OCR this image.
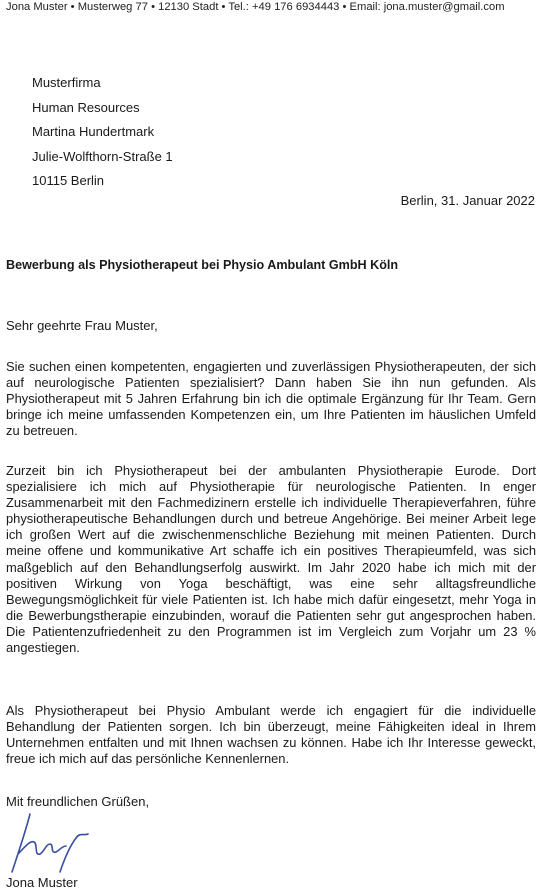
Jona Muster • Musterweg 77 • 12130 Stadt • Tel.: +49 176 6934443 • Email: jona.muster@gmail.com
Musterfirma
Human Resources
Martina Hundertmark
Julie-Wolfthorn-Straße 1
10115 Berlin
Berlin, 31. Januar 2022
Bewerbung als Physiotherapeut bei Physio Ambulant GmbH Köln
Sehr geehrte Frau Muster,

Sie suchen einen kompetenten, engagierten und zuverlässigen Physiotherapeuten, der sich auf neurologische Patienten spezialisiert? Dann haben Sie ihn nun gefunden. Als Physiotherapeut mit 5 Jahren Erfahrung bin ich die optimale Ergänzung für Ihr Team. Gern bringe ich meine umfassenden Kompetenzen ein, um Ihre Patienten im häuslichen Umfeld zu betreuen.

Zurzeit bin ich Physiotherapeut bei der ambulanten Physiotherapie Eurode. Dort spezialisiere ich mich auf Physiotherapie für neurologische Patienten. In enger Zusammenarbeit mit den Fachmedizinern erstelle ich individuelle Therapieverfahren, führe physiotherapeutische Behandlungen durch und betreue Angehörige. Bei meiner Arbeit lege ich großen Wert auf die zwischenmenschliche Beziehung mit meinen Patienten. Durch meine offene und kommunikative Art schaffe ich ein positives Therapieumfeld, was sich maßgeblich auf den Behandlungserfolg auswirkt. Im Jahr 2020 habe ich mich mit der positiven Wirkung von Yoga beschäftigt, was eine sehr alltagsfreundliche Bewegungsmöglichkeit für viele Patienten ist. Ich habe mich dafür eingesetzt, mehr Yoga in die Bewerbungstherapie einzubinden, worauf die Patienten sehr gut angesprochen haben. Die Patientenzufriedenheit zu den Programmen ist im Vergleich zum Vorjahr um 23 % angestiegen.

Als Physiotherapeut bei Physio Ambulant werde ich engagiert für die individuelle Behandlung der Patienten sorgen. Ich bin überzeugt, meine Fähigkeiten ideal in Ihrem Unternehmen entfalten und mit Ihnen wachsen zu können. Habe ich Ihr Interesse geweckt, freue ich mich auf das persönliche Kennenlernen.

Mit freundlichen Grüßen,
Jona Muster
